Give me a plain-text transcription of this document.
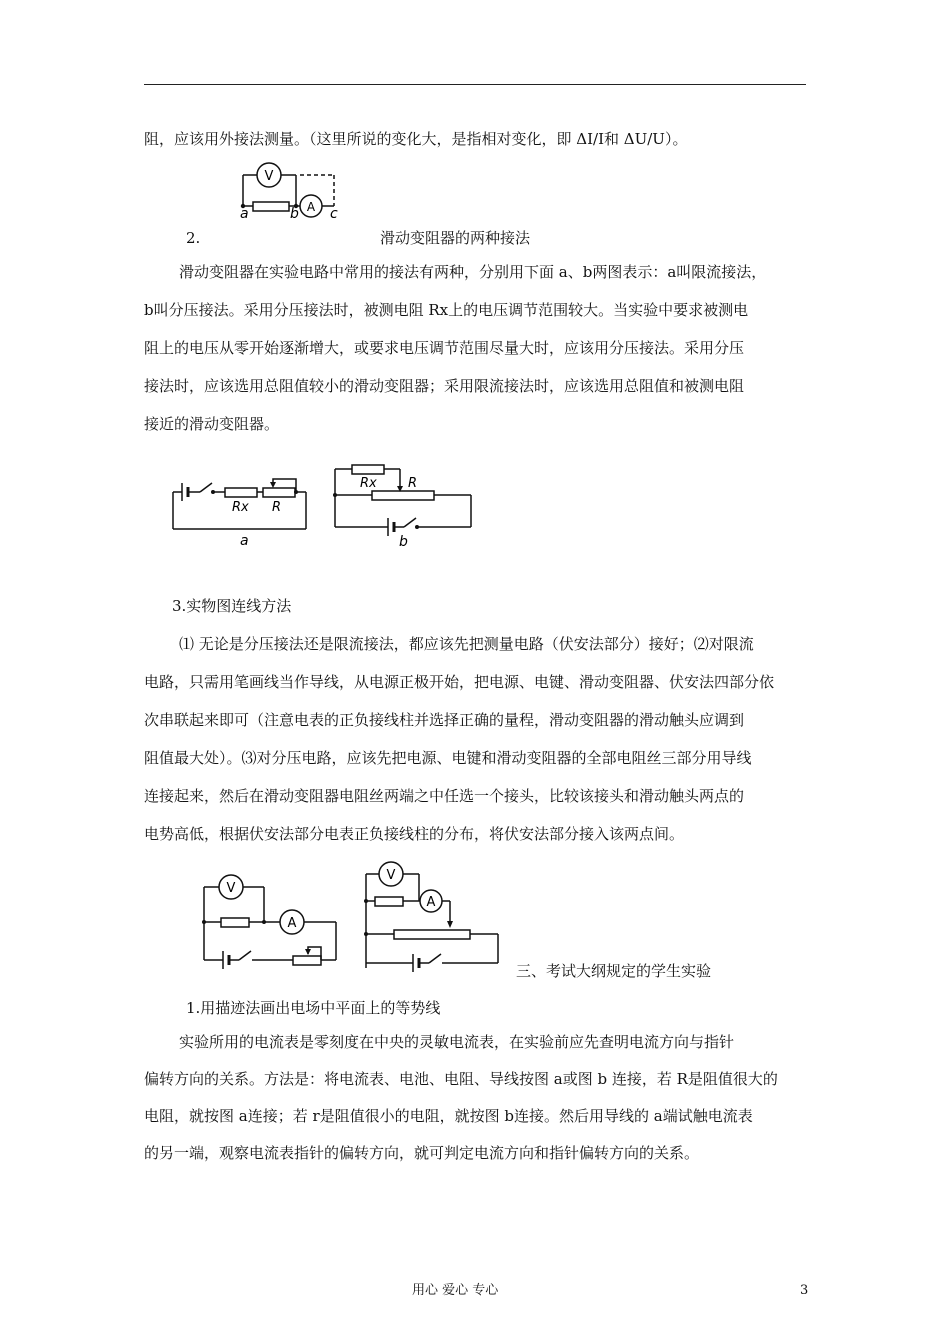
阻，应该用外接法测量。（这里所说的变化大，是指相对变化，即 ΔI/I和 ΔU/U）。
V
A
a	b c
2.	滑动变阻器的两种接法
滑动变阻器在实验电路中常用的接法有两种，分别用下面 a、b两图表示：a叫限流接法，
b叫分压接法。采用分压接法时，被测电阻 Rx上的电压调节范围较大。当实验中要求被测电
阻上的电压从零开始逐渐增大，或要求电压调节范围尽量大时，应该用分压接法。采用分压
接法时，应该选用总阻值较小的滑动变阻器；采用限流接法时，应该选用总阻值和被测电阻
接近的滑动变阻器。
Rx R
a
Rx R
b
3.实物图连线方法
⑴ 无论是分压接法还是限流接法，都应该先把测量电路（伏安法部分）接好；⑵对限流
电路，只需用笔画线当作导线，从电源正极开始，把电源、电键、滑动变阻器、伏安法四部分依
次串联起来即可（注意电表的正负接线柱并选择正确的量程，滑动变阻器的滑动触头应调到
阻值最大处）。⑶对分压电路，应该先把电源、电键和滑动变阻器的全部电阻丝三部分用导线
连接起来，然后在滑动变阻器电阻丝两端之中任选一个接头，比较该接头和滑动触头两点的
电势高低，根据伏安法部分电表正负接线柱的分布，将伏安法部分接入该两点间。
V
A
V
A
三、考试大纲规定的学生实验
1.用描迹法画出电场中平面上的等势线
实验所用的电流表是零刻度在中央的灵敏电流表，在实验前应先查明电流方向与指针
偏转方向的关系。方法是：将电流表、电池、电阻、导线按图 a或图 b 连接，若 R是阻值很大的
电阻，就按图 a连接；若 r是阻值很小的电阻，就按图 b连接。然后用导线的 a端试触电流表
的另一端，观察电流表指针的偏转方向，就可判定电流方向和指针偏转方向的关系。
用心 爱心 专心	3
